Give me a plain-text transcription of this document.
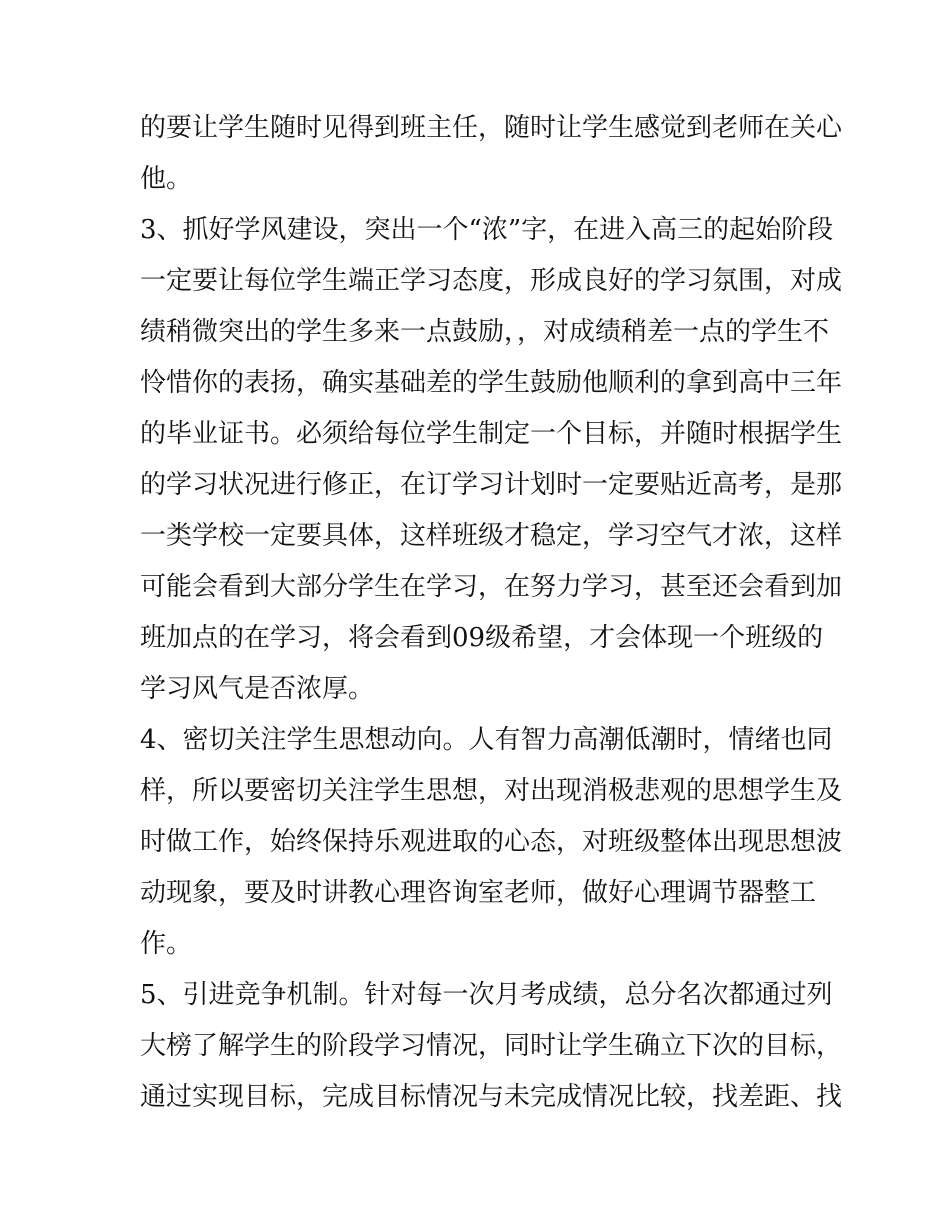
的要让学生随时见得到班主任，随时让学生感觉到老师在关心
他。
3、抓好学风建设，突出一个“浓”字，在进入高三的起始阶段
一定要让每位学生端正学习态度，形成良好的学习氛围，对成
绩稍微突出的学生多来一点鼓励，，对成绩稍差一点的学生不
怜惜你的表扬，确实基础差的学生鼓励他顺利的拿到高中三年
的毕业证书。必须给每位学生制定一个目标，并随时根据学生
的学习状况进行修正，在订学习计划时一定要贴近高考，是那
一类学校一定要具体，这样班级才稳定，学习空气才浓，这样
可能会看到大部分学生在学习，在努力学习，甚至还会看到加
班加点的在学习，将会看到09级希望，才会体现一个班级的
学习风气是否浓厚。
4、密切关注学生思想动向。人有智力高潮低潮时，情绪也同
样，所以要密切关注学生思想，对出现消极悲观的思想学生及
时做工作，始终保持乐观进取的心态，对班级整体出现思想波
动现象，要及时讲教心理咨询室老师，做好心理调节器整工
作。
5、引进竞争机制。针对每一次月考成绩，总分名次都通过列
大榜了解学生的阶段学习情况，同时让学生确立下次的目标，
通过实现目标，完成目标情况与未完成情况比较，找差距、找
